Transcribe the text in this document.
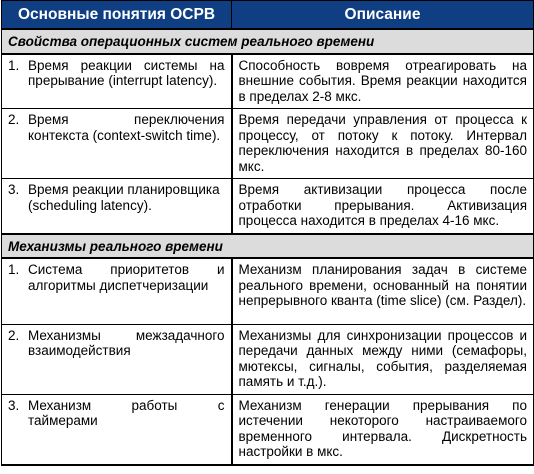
Основные понятия ОСРВ	Описание
Свойства операционных систем реального времени	

1. Время реакции системы на прерывание (interrupt latency).	Способность вовремя отреагировать на внешние события. Время реакции находится в пределах 2-8 мкс.

2. Время переключения контекста (context-switch time).	Время передачи управления от процесса к процессу, от потоку к потоку. Интервал переключения находится в пределах 80-160 мкс.

3. Время реакции планировщика (scheduling latency).	Время активизации процесса после отработки прерывания. Активизация процесса находится в пределах 4-16 мкс.
Механизмы реального времени	

1. Система приоритетов и алгоритмы диспетчеризации	Механизм планирования задач в системе реального времени, основанный на понятии непрерывного кванта (time slice) (см. Раздел).

2. Механизмы межзадачного взаимодействия	Механизмы для синхронизации процессов и передачи данных между ними (семафоры, мютексы, сигналы, события, разделяемая память и т.д.).

3. Механизм работы с таймерами	Механизм генерации прерывания по истечении некоторого настраиваемого временного интервала. Дискретность настройки в мкс.
